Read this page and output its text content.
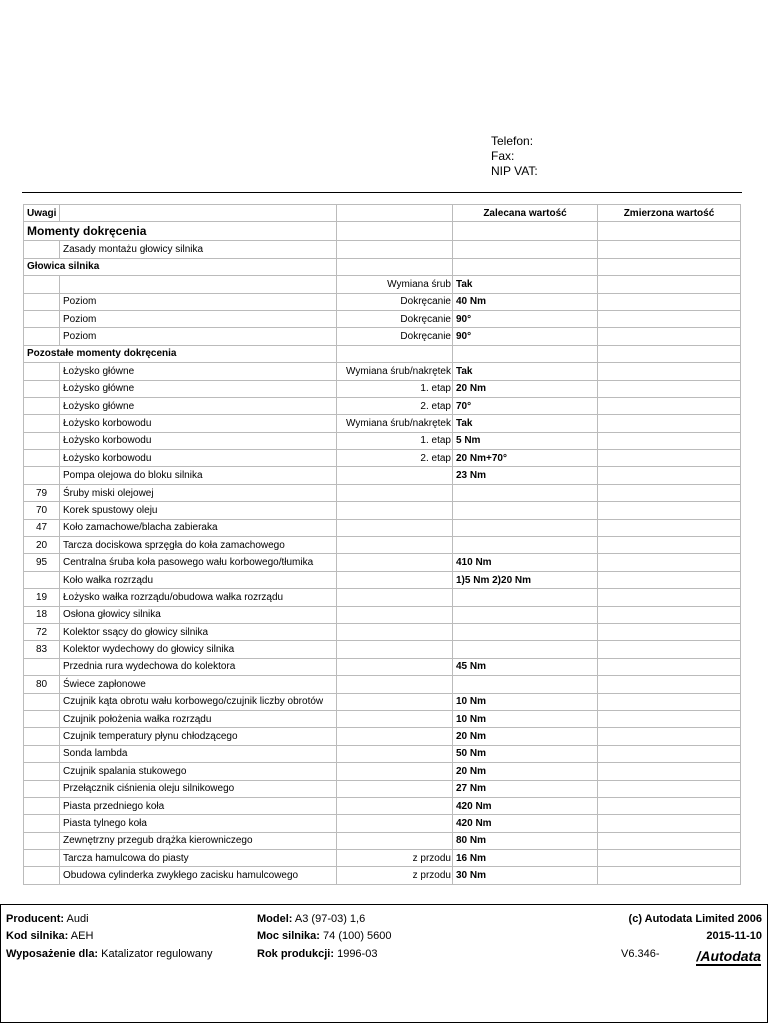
Telefon:
Fax:
NIP VAT:
Uwagi			Zalecana wartość	Zmierzona wartość
Momenty dokręcenia				
	Zasady montażu głowicy silnika			
Głowica silnika				
		Wymiana śrub	Tak	
	Poziom	Dokręcanie	40 Nm	
	Poziom	Dokręcanie	90°	
	Poziom	Dokręcanie	90°	
Pozostałe momenty dokręcenia				
	Łożysko główne	Wymiana śrub/nakrętek	Tak	
	Łożysko główne	1. etap	20 Nm	
	Łożysko główne	2. etap	70°	
	Łożysko korbowodu	Wymiana śrub/nakrętek	Tak	
	Łożysko korbowodu	1. etap	5 Nm	
	Łożysko korbowodu	2. etap	20 Nm+70°	
	Pompa olejowa do bloku silnika		23 Nm	
79	Śruby miski olejowej			
70	Korek spustowy oleju			
47	Koło zamachowe/blacha zabieraka			
20	Tarcza dociskowa sprzęgła do koła zamachowego			
95	Centralna śruba koła pasowego wału korbowego/tłumika		410 Nm	
	Koło wałka rozrządu		1)5 Nm 2)20 Nm	
19	Łożysko wałka rozrządu/obudowa wałka rozrządu			
18	Osłona głowicy silnika			
72	Kolektor ssący do głowicy silnika			
83	Kolektor wydechowy do głowicy silnika			
	Przednia rura wydechowa do kolektora		45 Nm	
80	Świece zapłonowe			
	Czujnik kąta obrotu wału korbowego/czujnik liczby obrotów		10 Nm	
	Czujnik położenia wałka rozrządu		10 Nm	
	Czujnik temperatury płynu chłodzącego		20 Nm	
	Sonda lambda		50 Nm	
	Czujnik spalania stukowego		20 Nm	
	Przełącznik ciśnienia oleju silnikowego		27 Nm	
	Piasta przedniego koła		420 Nm	
	Piasta tylnego koła		420 Nm	
	Zewnętrzny przegub drążka kierowniczego		80 Nm	
	Tarcza hamulcowa do piasty	z przodu	16 Nm	
	Obudowa cylinderka zwykłego zacisku hamulcowego	z przodu	30 Nm	
Producent: Audi
Kod silnika: AEH
Wyposażenie dla: Katalizator regulowany
Model: A3 (97-03) 1,6
Moc silnika: 74 (100) 5600
Rok produkcji: 1996-03
(c) Autodata Limited 2006
2015-11-10
V6.346-	/Autodata
